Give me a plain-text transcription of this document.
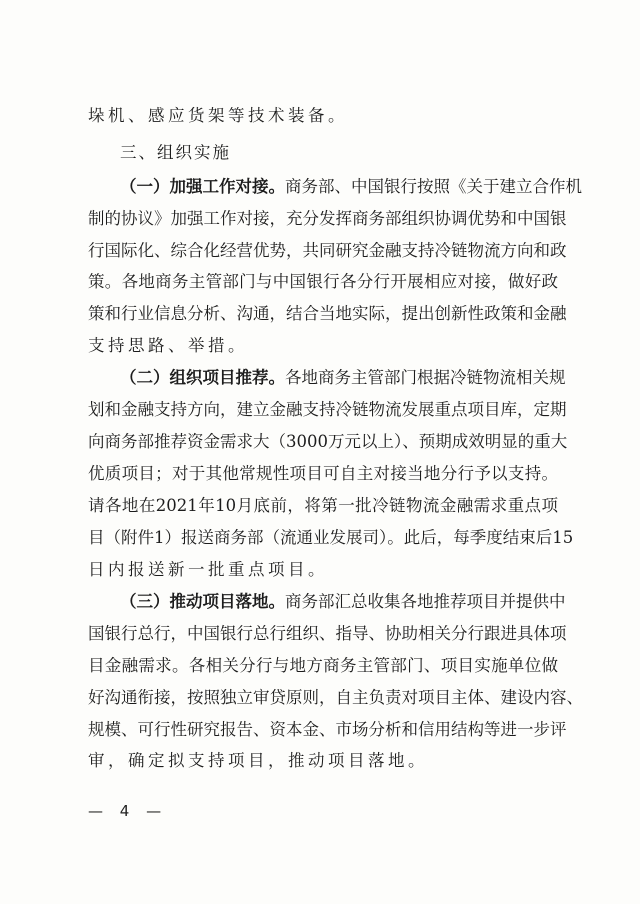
垛机、感应货架等技术装备。
三、组织实施
（一）加强工作对接。商务部、中国银行按照《关于建立合作机
制的协议》加强工作对接，充分发挥商务部组织协调优势和中国银
行国际化、综合化经营优势，共同研究金融支持冷链物流方向和政
策。各地商务主管部门与中国银行各分行开展相应对接，做好政
策和行业信息分析、沟通，结合当地实际，提出创新性政策和金融
支持思路、举措。
（二）组织项目推荐。各地商务主管部门根据冷链物流相关规
划和金融支持方向，建立金融支持冷链物流发展重点项目库，定期
向商务部推荐资金需求大（3000万元以上）、预期成效明显的重大
优质项目；对于其他常规性项目可自主对接当地分行予以支持。
请各地在2021年10月底前，将第一批冷链物流金融需求重点项
目（附件1）报送商务部（流通业发展司）。此后，每季度结束后15
日内报送新一批重点项目。
（三）推动项目落地。商务部汇总收集各地推荐项目并提供中
国银行总行，中国银行总行组织、指导、协助相关分行跟进具体项
目金融需求。各相关分行与地方商务主管部门、项目实施单位做
好沟通衔接，按照独立审贷原则，自主负责对项目主体、建设内容、
规模、可行性研究报告、资本金、市场分析和信用结构等进一步评
审，确定拟支持项目，推动项目落地。
— 4 —
